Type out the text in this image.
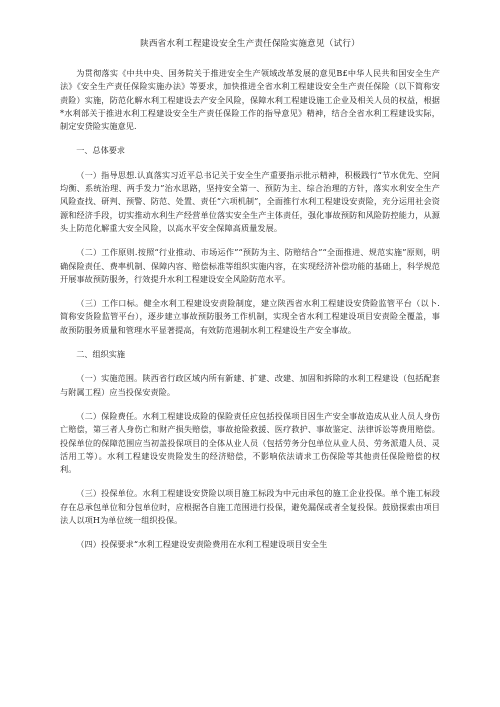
陕西省水利工程建设安全生产责任保险实施意见（试行）

为贯彻落实《中共中央、国务院关于推进安全生产领域改革发展的意见B£中华人民共和国安全生产法》《安全生产责任保险实施办法》等要求，加快推进全省水利工程建设安全生产责任保险（以下简称安责险）实施，防范化解水利工程建设去产安全风险，保障水利工程建设施工企业及相关人员的权益，根据*水利部关于推进水利工程建设安全生产责任保险工作的指导意见》精神，结合全省水利工程建设实际，制定安贷险实施意见.

一、总体要求

（一）指导思想.认真落实习近平总书记关于安全生产重要指示批示精神，积极践行“节水优先、空间均衡、系统治理、两手发力”治水思路，坚持安全第一、预防为主、综合治理的方针，落实水利安全生产风险查找、研判、预警、防范、处置、责任“六项机制”，全面推行水利工程建设安责险，充分运用社会资源和经济手段，切实推动水利生产经营单位落实安全生产主体责任，强化事故预防和风险防控能力，从源头上防范化解重大安全风险，以高水平安全保障高质量发展。

（二）工作原则.按照“行业推动、市场运作”“预防为主、防赔结合”“全面推进、规范实施”原则，明确保险责任、费率机制、保障内容、赔偿标准等组织实施内容，在实现经济补偿功能的基础上，科学规范开展事故预防服务，行效提升水利工程建设安全风险防范水平。

（三）工作口标。健全水利工程建设安责险制度，建立陕西省水利工程建设安贷险监管平台（以卜.简称安货险监管平台），逐步建立事故预防服务工作机制，实现全省水利工程建设项目安责险全覆盖，事故预防服务质量和管理水平显著提高，有效防范遏制水利工程建设生产安全事故。

二、组织实施

（一）实施范围。陕西省行政区域内所有新建、扩建、改建、加固和拆除的水利工程建设（包括配套与附属工程）应当投保安责险。

（二）保险费任。水利工程建设成险的保险责任应包括投保项目因生产安全事故造成从业人员人身伤亡赔偿，第三者人身伤亡和财产损失赔偿，事故抢险救援、医疗救护、事故鉴定、法律诉讼等费用赔偿。投保单位的保障范围应当初盖投保项目的全体从业人员（包括劳务分包单位从业人员、劳务派遣人员、灵活用工等）。水利工程建设安贵险发生的经济赔偿，不影响依法请求工伤保险等其他责任保险赔偿的权利。

（三）投保单位。水利工程建设安贷险以项目施工标段为中元由承包的施工企业投保。单个施工标段存在总承包单位和分包单位时，应根据各自施工范围进行投保，避免漏保或者全复投保。鼓励探索由项目法人以项H为单位统一组织投保。

（四）投保要求“水利工程建设安责险费用在水利工程建设项目安全生
